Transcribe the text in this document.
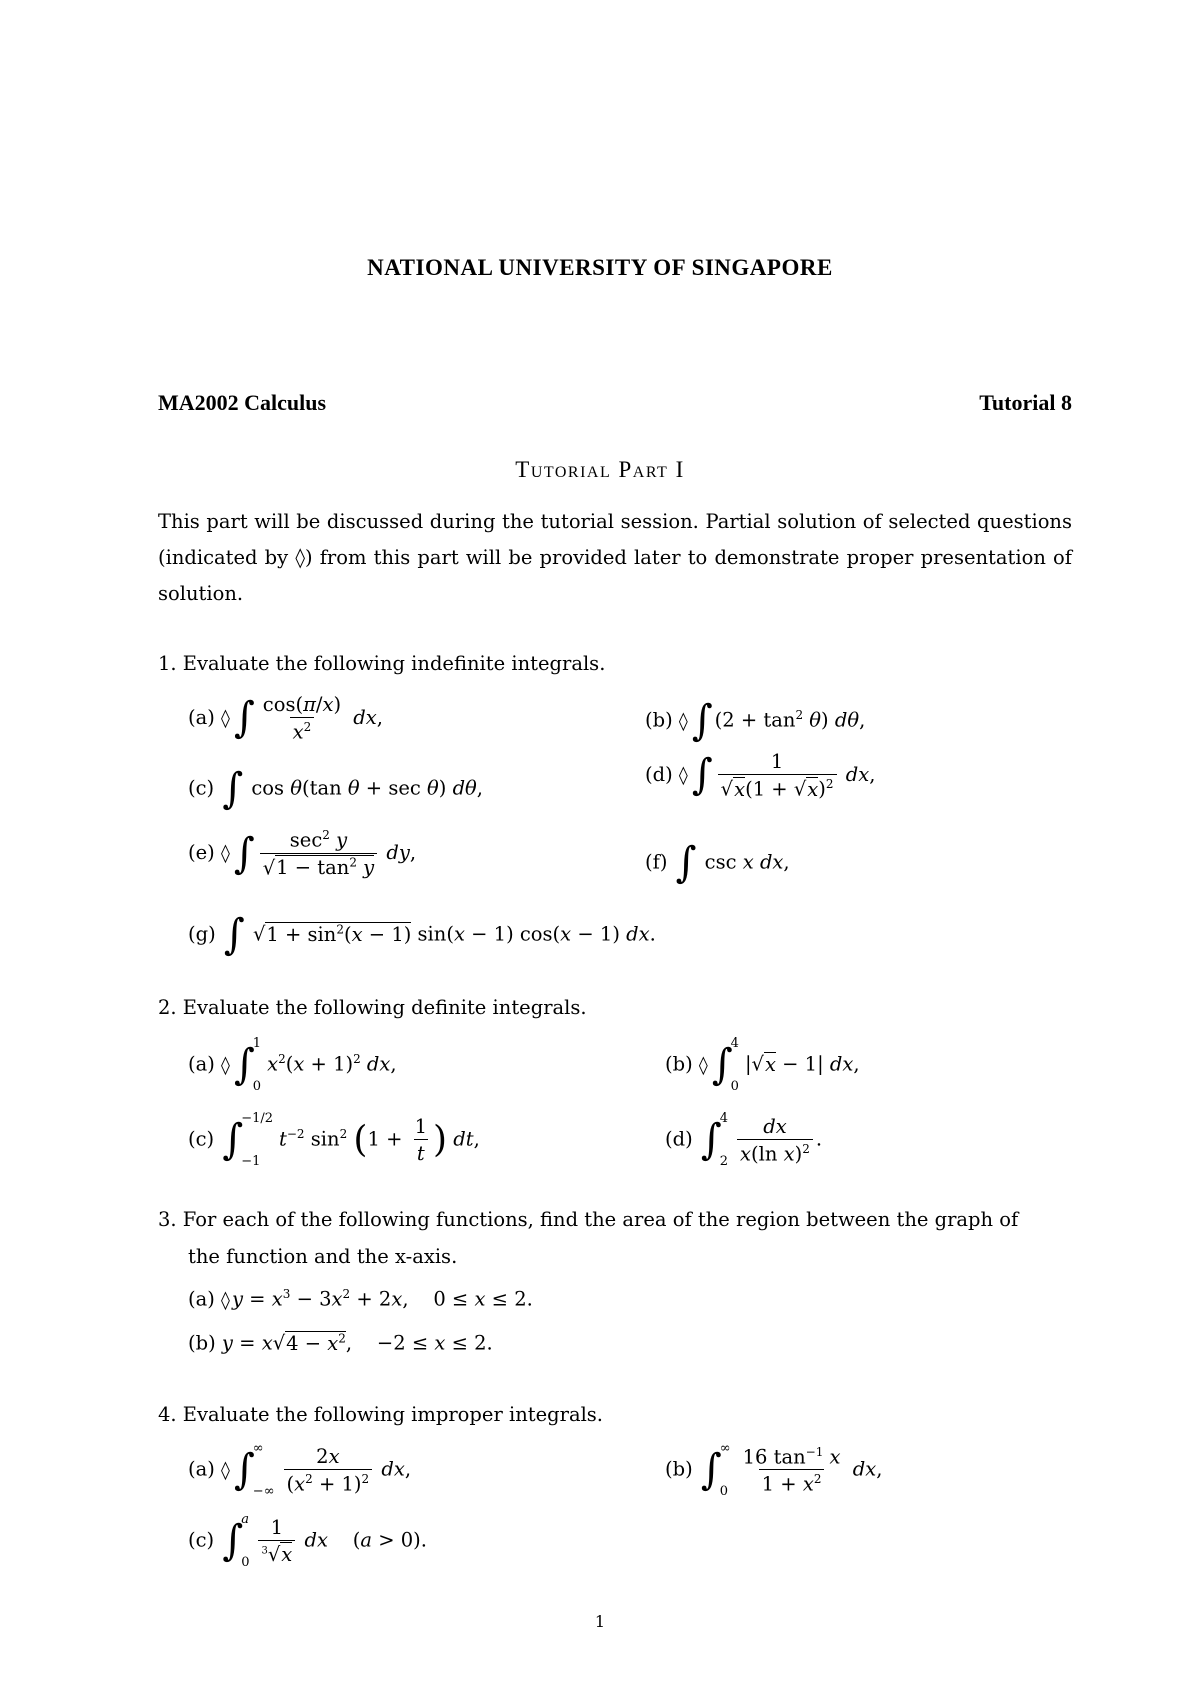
NATIONAL UNIVERSITY OF SINGAPORE
MA2002 Calculus	Tutorial 8
Tutorial Part I
This part will be discussed during the tutorial session. Partial solution of selected questions (indicated by ◊) from this part will be provided later to demonstrate proper presentation of solution.
1. Evaluate the following indefinite integrals.
(a) ◊ ∫ $\frac{\cos(\pi/x)}{x^2}$ dx,	(b) ◊ ∫ $(2 + \tan^2 \theta)$ dθ,
(c) ∫ cos θ(tan θ + sec θ) dθ,
(d) ◊ ∫ $\frac{1}{√x(1 + √x)^2}$ dx,
(e) ◊ ∫ $\frac{\sec^2 y}{√1 - \tan^2 y}$ dy,	(f) ∫ csc x dx,
(g) ∫ $√1 + \sin^2(x - 1) \sin(x - 1) \cos(x - 1)$ dx.
2. Evaluate the following definite integrals.
(a) ◊ ∫
1
0
$x^2(x + 1)^2$ dx,	(b) ◊ ∫
4
0
|√x − 1| dx,
(c) ∫
−1/2
−1
$t^{-2}$ $\sin^2 (1 + \frac{1}{t}$ ) dt,	(d) ∫
4
$2 \frac{dx}{x(\ln x)^2}$ .
3. For each of the following functions, find the area of the region between the graph of
the function and the x-axis.
(a) ◊ $y = x^3 - 3x^2 + 2x$,    0 ≤ x ≤ 2.
(b) $y = x√4 - x^2$,    −2 ≤ x ≤ 2.
4. Evaluate the following improper integrals.
(a) ◊ ∫
∞
−∞ $\frac{2x}{(x^2 + 1)^2}$ dx,	(b) ∫
∞
$0 \frac{16 \tan^{-1} x}{1 + x^2}$ dx,
(c) ∫
a
$0 \frac{1}{^3√x}$ dx    (a > 0).
1
